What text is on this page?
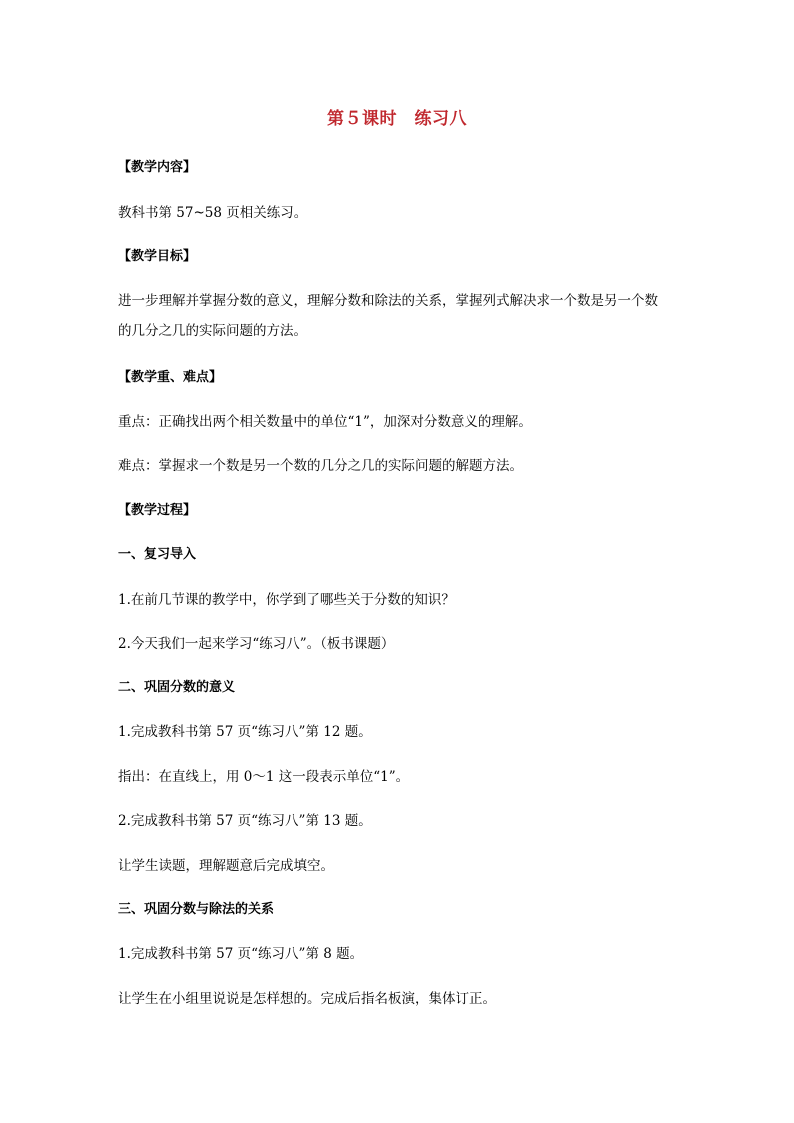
第５课时　练习八
【教学内容】
教科书第 57~58 页相关练习。
【教学目标】
进一步理解并掌握分数的意义，理解分数和除法的关系，掌握列式解决求一个数是另一个数
的几分之几的实际问题的方法。
【教学重、难点】
重点：正确找出两个相关数量中的单位“1”，加深对分数意义的理解。
难点：掌握求一个数是另一个数的几分之几的实际问题的解题方法。
【教学过程】
一、复习导入
1.在前几节课的教学中，你学到了哪些关于分数的知识？
2.今天我们一起来学习“练习八”。（板书课题）
二、巩固分数的意义
1.完成教科书第 57 页“练习八”第 12 题。
指出：在直线上，用 0～1 这一段表示单位“1”。
2.完成教科书第 57 页“练习八”第 13 题。
让学生读题，理解题意后完成填空。
三、巩固分数与除法的关系
1.完成教科书第 57 页“练习八”第 8 题。
让学生在小组里说说是怎样想的。完成后指名板演，集体订正。
